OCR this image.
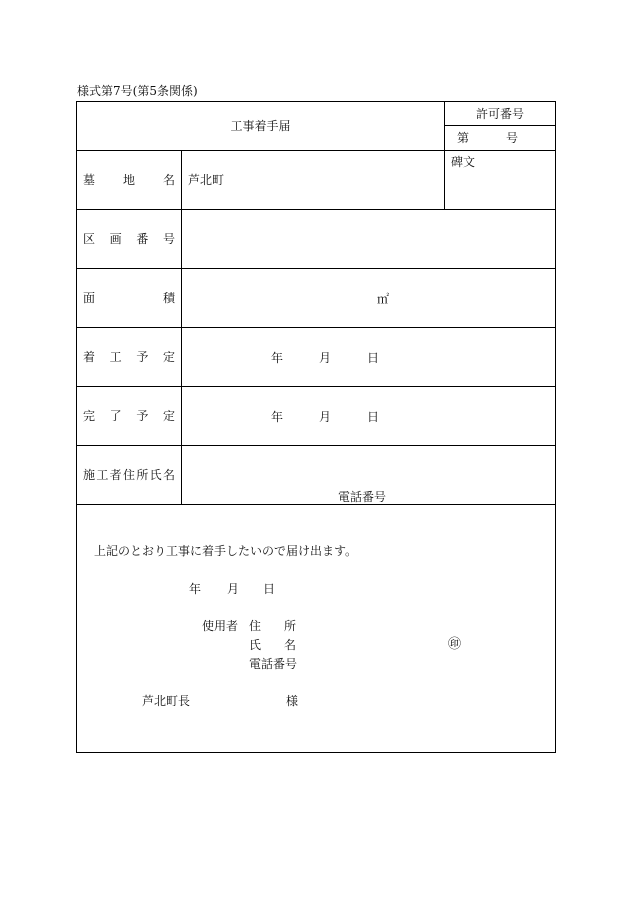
様式第7号(第5条関係)
工事着手届
許可番号
第	号
墓 地 名	芦北町
碑文
区 画 番 号
面	積	㎡
着 工 予 定	年	月	日
完 了 予 定	年	月	日
施 工 者 住 所 氏 名
電話番号
上記のとおり工事に着手したいので届け出ます。
年 月 日
使用者 住 所
氏 名	㊞
電話番号
芦北町長	様
